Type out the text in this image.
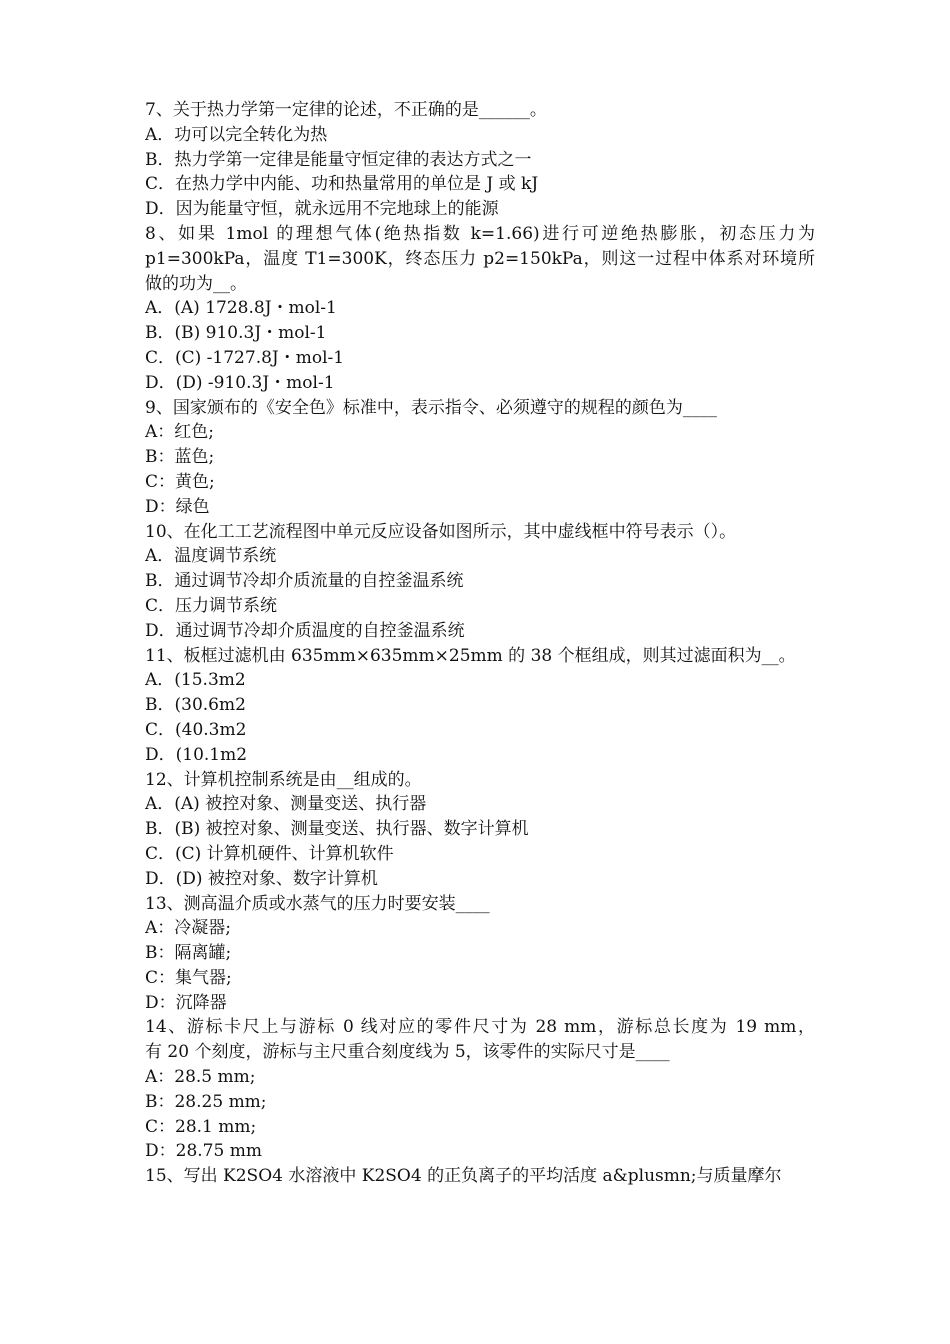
7、关于热力学第一定律的论述，不正确的是______。
A．功可以完全转化为热
B．热力学第一定律是能量守恒定律的表达方式之一
C．在热力学中内能、功和热量常用的单位是 J 或 kJ
D．因为能量守恒，就永远用不完地球上的能源
8、如果 1mol 的理想气体(绝热指数 k=1.66)进行可逆绝热膨胀，初态压力为
p1=300kPa，温度 T1=300K，终态压力 p2=150kPa，则这一过程中体系对环境所
做的功为__。
A．(A) 1728.8J・mol-1
B．(B) 910.3J・mol-1
C．(C) -1727.8J・mol-1
D．(D) -910.3J・mol-1
9、国家颁布的《安全色》标准中，表示指令、必须遵守的规程的颜色为____
A：红色;
B：蓝色;
C：黄色;
D：绿色
10、在化工工艺流程图中单元反应设备如图所示，其中虚线框中符号表示（）。
A．温度调节系统
B．通过调节冷却介质流量的自控釜温系统
C．压力调节系统
D．通过调节冷却介质温度的自控釜温系统
11、板框过滤机由 635mm×635mm×25mm 的 38 个框组成，则其过滤面积为__。
A．(15.3m2
B．(30.6m2
C．(40.3m2
D．(10.1m2
12、计算机控制系统是由__组成的。
A．(A) 被控对象、测量变送、执行器
B．(B) 被控对象、测量变送、执行器、数字计算机
C．(C) 计算机硬件、计算机软件
D．(D) 被控对象、数字计算机
13、测高温介质或水蒸气的压力时要安装____
A：冷凝器;
B：隔离罐;
C：集气器;
D：沉降器
14、游标卡尺上与游标 0 线对应的零件尺寸为 28 mm，游标总长度为 19 mm，
有 20 个刻度，游标与主尺重合刻度线为 5，该零件的实际尺寸是____
A：28.5 mm;
B：28.25 mm;
C：28.1 mm;
D：28.75 mm
15、写出 K2SO4 水溶液中 K2SO4 的正负离子的平均活度 a&plusmn;与质量摩尔
